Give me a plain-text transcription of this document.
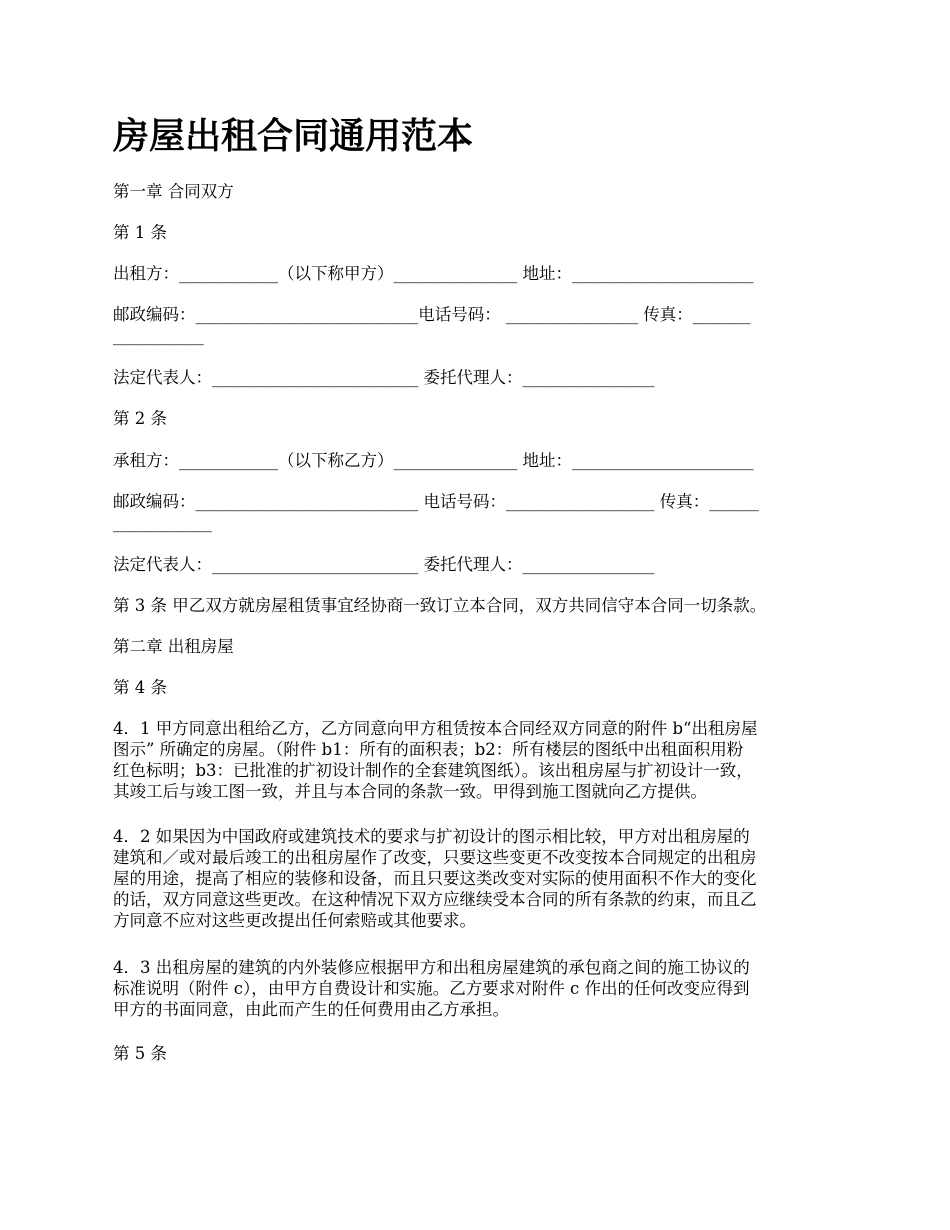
房屋出租合同通用范本

第一章 合同双方

第 1 条

出租方：____________（以下称甲方）_______________ 地址：______________________

邮政编码：___________________________电话号码： ________________ 传真：_______
___________

法定代表人：_________________________ 委托代理人：________________

第 2 条

承租方：____________（以下称乙方）_______________ 地址：______________________

邮政编码：___________________________ 电话号码：__________________ 传真：______
____________

法定代表人：_________________________ 委托代理人：________________

第 3 条 甲乙双方就房屋租赁事宜经协商一致订立本合同，双方共同信守本合同一切条款。

第二章 出租房屋

第 4 条

4．1 甲方同意出租给乙方，乙方同意向甲方租赁按本合同经双方同意的附件 b“出租房屋
图示” 所确定的房屋。（附件 b1：所有的面积表；b2：所有楼层的图纸中出租面积用粉
红色标明；b3：已批准的扩初设计制作的全套建筑图纸）。该出租房屋与扩初设计一致，
其竣工后与竣工图一致，并且与本合同的条款一致。甲得到施工图就向乙方提供。

4．2 如果因为中国政府或建筑技术的要求与扩初设计的图示相比较，甲方对出租房屋的
建筑和／或对最后竣工的出租房屋作了改变，只要这些变更不改变按本合同规定的出租房
屋的用途，提高了相应的装修和设备，而且只要这类改变对实际的使用面积不作大的变化
的话，双方同意这些更改。在这种情况下双方应继续受本合同的所有条款的约束，而且乙
方同意不应对这些更改提出任何索赔或其他要求。

4．3 出租房屋的建筑的内外装修应根据甲方和出租房屋建筑的承包商之间的施工协议的
标准说明（附件 c），由甲方自费设计和实施。乙方要求对附件 c 作出的任何改变应得到
甲方的书面同意，由此而产生的任何费用由乙方承担。

第 5 条
